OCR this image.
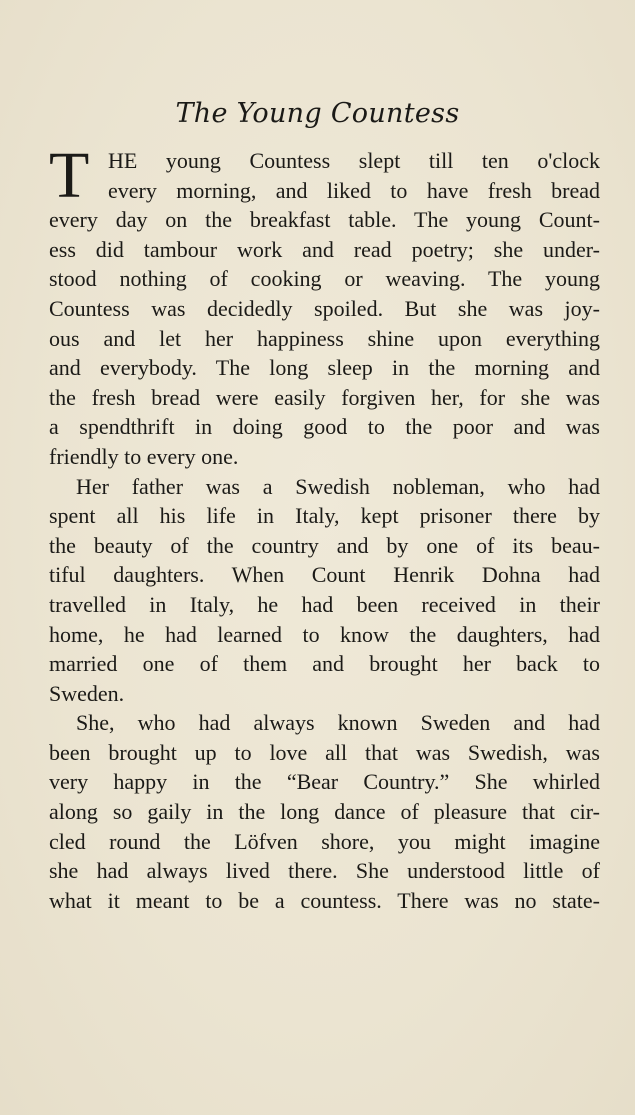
The Young Countess
T HE young Countess slept till ten o'clock
every morning, and liked to have fresh bread
every day on the breakfast table. The young Count-
ess did tambour work and read poetry; she under-
stood nothing of cooking or weaving. The young
Countess was decidedly spoiled. But she was joy-
ous and let her happiness shine upon everything
and everybody. The long sleep in the morning and
the fresh bread were easily forgiven her, for she was
a spendthrift in doing good to the poor and was
friendly to every one.
Her father was a Swedish nobleman, who had
spent all his life in Italy, kept prisoner there by
the beauty of the country and by one of its beau-
tiful daughters. When Count Henrik Dohna had
travelled in Italy, he had been received in their
home, he had learned to know the daughters, had
married one of them and brought her back to
Sweden.
She, who had always known Sweden and had
been brought up to love all that was Swedish, was
very happy in the “Bear Country.” She whirled
along so gaily in the long dance of pleasure that cir-
cled round the Löfven shore, you might imagine
she had always lived there. She understood little of
what it meant to be a countess. There was no state-
